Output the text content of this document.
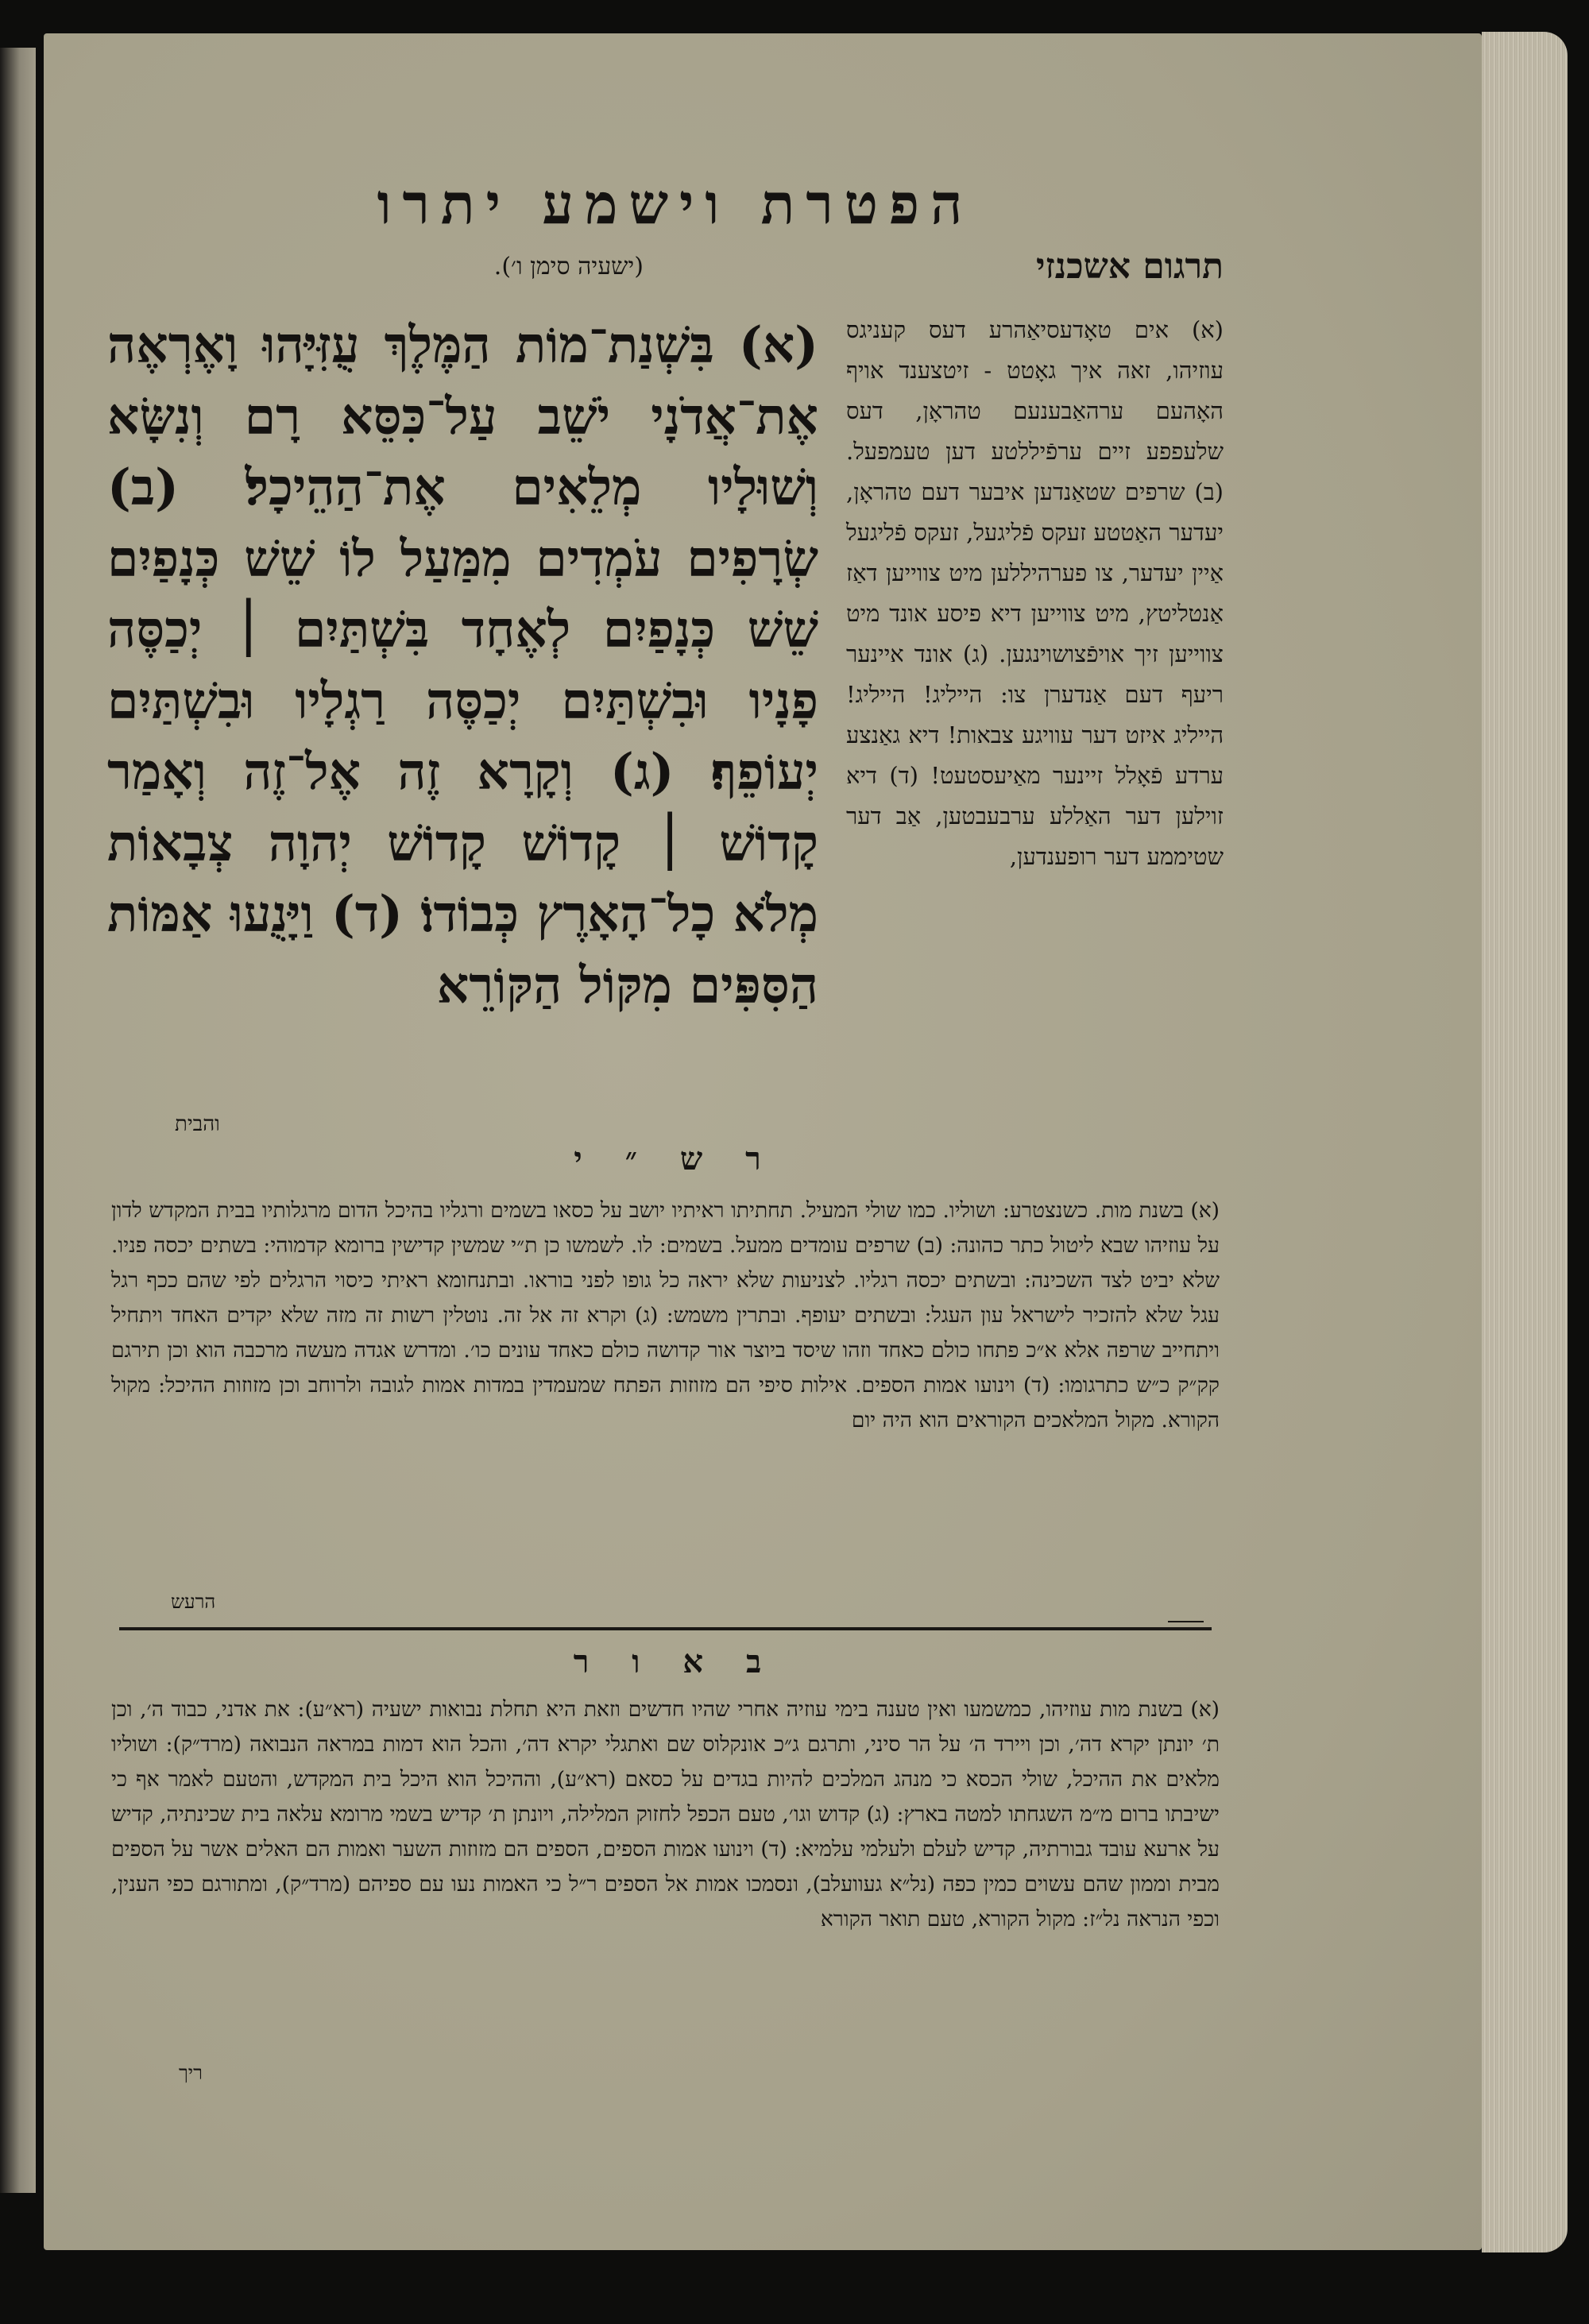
הפטרת וישמע יתרו
תרגום אשכנזי
(ישעיה סימן ו׳).
(א) בִּשְׁנַת־מוֹת הַמֶּלֶךְ עֻזִּיָּהוּ וָאֶרְאֶה אֶת־אֲדֹנָי יֹשֵׁב עַל־כִּסֵּא רָם וְנִשָּׂא וְשׁוּלָיו מְלֵאִים אֶת־הַהֵיכָל׃ (ב) שְׂרָפִים עֹמְדִים מִמַּעַל לוֹ שֵׁשׁ כְּנָפַיִם שֵׁשׁ כְּנָפַיִם לְאֶחָד בִּשְׁתַּיִם ׀ יְכַסֶּה פָנָיו וּבִשְׁתַּיִם יְכַסֶּה רַגְלָיו וּבִשְׁתַּיִם יְעוֹפֵף׃ (ג) וְקָרָא זֶה אֶל־זֶה וְאָמַר קָדוֹשׁ ׀ קָדוֹשׁ קָדוֹשׁ יְהוָה צְבָאוֹת מְלֹא כָל־הָאָרֶץ כְּבוֹדוֹ׃ (ד) וַיָּנֻעוּ אַמּוֹת הַסִּפִּים מִקּוֹל הַקּוֹרֵא
והבית
(א) אים טאָדעסיאַהרע דעס קעניגס עוזיהו, זאה איך גאָטט - זיטצענד אויף האָהעם ערהאַבענעם טהראָן, דעס שלעפפע זיים ערפֿיללטע דען טעמפעל. (ב) שרפים שטאַנדען איבער דעם טהראָן, יעדער האַטטע זעקס פֿליגעל, זעקס פֿליגעל אַיין יעדער, צו פערהיללען מיט צווייען דאַז אַנטליטץ, מיט צווייען דיא פיסע אונד מיט צווייען זיך אויפֿצושוינגען. (ג) אונד איינער ריעף דעם אַנדערן צו: הייליג! הייליג! הייליג איזט דער עוויגע צבאות! דיא גאַנצע ערדע פֿאָלל זיינער מאַיעסטעט! (ד) דיא זוילען דער האַללע ערבעבטען, אַב דער שטיממע דער רופענדען,
ר ש ״ י
(א) בשנת מות. כשנצטרע: ושוליו. כמו שולי המעיל. תחתיתו ראיתיו יושב על כסאו בשמים ורגליו בהיכל הדום מרגלותיו בבית המקדש לדון על עוזיהו שבא ליטול כתר כהונה: (ב) שרפים עומדים ממעל. בשמים: לו. לשמשו כן ת״י שמשין קדישין ברומא קדמוהי: בשתים יכסה פניו. שלא יביט לצד השכינה: ובשתים יכסה רגליו. לצניעות שלא יראה כל גופו לפני בוראו. ובתנחומא ראיתי כיסוי הרגלים לפי שהם ככף רגל עגל שלא להזכיר לישראל עון העגל: ובשתים יעופף. ובתרין משמש: (ג) וקרא זה אל זה. נוטלין רשות זה מזה שלא יקדים האחד ויתחיל ויתחייב שרפה אלא א״כ פתחו כולם כאחד וזהו שיסד ביוצר אור קדושה כולם כאחד עונים כו׳. ומדרש אגדה מעשה מרכבה הוא וכן תירגם קק״ק כ״ש כתרגומו: (ד) וינועו אמות הספים. אילות סיפי הם מזוזות הפתח שמעמדין במדות אמות לגובה ולרוחב וכן מזוזות ההיכל: מקול הקורא. מקול המלאכים הקוראים הוא היה יום
הרעש
ב א ו ר
(א) בשנת מות עוזיהו, כמשמעו ואין טענה בימי עוזיה אחרי שהיו חדשים וזאת היא תחלת נבואות ישעיה (רא״ע): את אדני, כבוד ה׳, וכן ת׳ יונתן יקרא דה׳, וכן ויירד ה׳ על הר סיני, ותרגם ג״כ אונקלוס שם ואתגלי יקרא דה׳, והכל הוא דמות במראה הנבואה (מרד״ק): ושוליו מלאים את ההיכל, שולי הכסא כי מנהג המלכים להיות בגדים על כסאם (רא״ע), וההיכל הוא היכל בית המקדש, והטעם לאמר אף כי ישיבתו ברום מ״מ השגחתו למטה בארץ: (ג) קדוש וגו׳, טעם הכפל לחזוק המלילה, ויונתן ת׳ קדיש בשמי מרומא עלאה בית שכינתיה, קדיש על ארעא עובד גבורתיה, קדיש לעלם ולעלמי עלמיא: (ד) וינועו אמות הספים, הספים הם מזוזות השער ואמות הם האלים אשר על הספים מבית וממון שהם עשוים כמין כפה (נל״א געוועלב), ונסמכו אמות אל הספים ר״ל כי האמות נעו עם ספיהם (מרד״ק), ומתורגם כפי הענין, וכפי הנראה נל״ז: מקול הקורא, טעם תואר הקורא
ריך
